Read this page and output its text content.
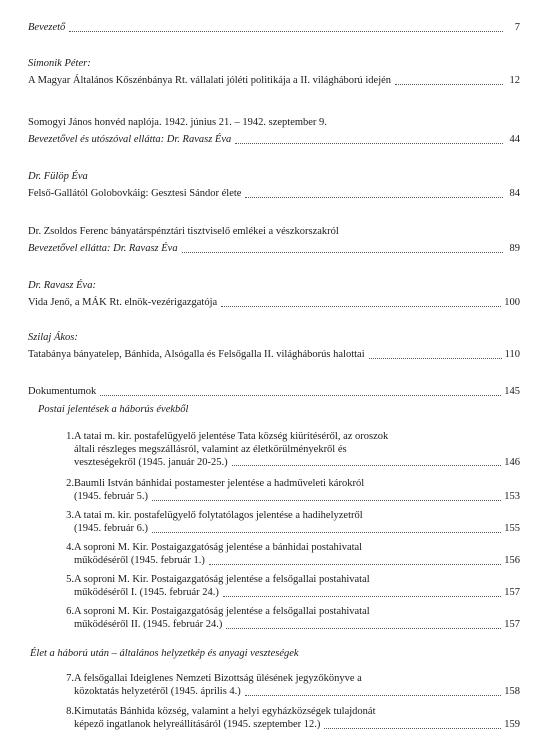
Bevezető	7
Simonik Péter:
A Magyar Általános Kőszénbánya Rt. vállalati jóléti politikája a II. világháború idején	12
Somogyi János honvéd naplója. 1942. június 21. – 1942. szeptember 9.
Bevezetővel és utószóval ellátta: Dr. Ravasz Éva	44
Dr. Fülöp Éva
Felső-Gallától Golobovkáig: Gesztesi Sándor élete	84
Dr. Zsoldos Ferenc bányatárspénztári tisztviselő emlékei a vészkorszakról
Bevezetővel ellátta: Dr. Ravasz Éva	89
Dr. Ravasz Éva:
Vida Jenő, a MÁK Rt. elnök-vezérigazgatója	100
Szilaj Ákos:
Tatabánya bányatelep, Bánhida, Alsógalla és Felsőgalla II. világháborús halottai	110
Dokumentumok	145
Postai jelentések a háborús évekből
1. A tatai m. kir. postafelügyelő jelentése Tata község kiürítéséről, az oroszok
általi részleges megszállásról, valamint az életkörülményekről és
veszteségekről (1945. január 20-25.)	146
2. Baumli István bánhidai postamester jelentése a hadműveleti károkról
(1945. február 5.)	153
3. A tatai m. kir. postafelügyelő folytatólagos jelentése a hadihelyzetről
(1945. február 6.)	155
4. A soproni M. Kir. Postaigazgatóság jelentése a bánhidai postahivatal
működéséről (1945. február 1.)	156
5. A soproni M. Kir. Postaigazgatóság jelentése a felsőgallai postahivatal
működéséről I. (1945. február 24.)	157
6. A soproni M. Kir. Postaigazgatóság jelentése a felsőgallai postahivatal
működéséről II. (1945. február 24.)	157
Élet a háború után – általános helyzetkép és anyagi veszteségek
7. A felsőgallai Ideiglenes Nemzeti Bizottság ülésének jegyzőkönyve a
közoktatás helyzetéről (1945. április 4.)	158
8. Kimutatás Bánhida község, valamint a helyi egyházközségek tulajdonát
képező ingatlanok helyreállításáról (1945. szeptember 12.)	159
